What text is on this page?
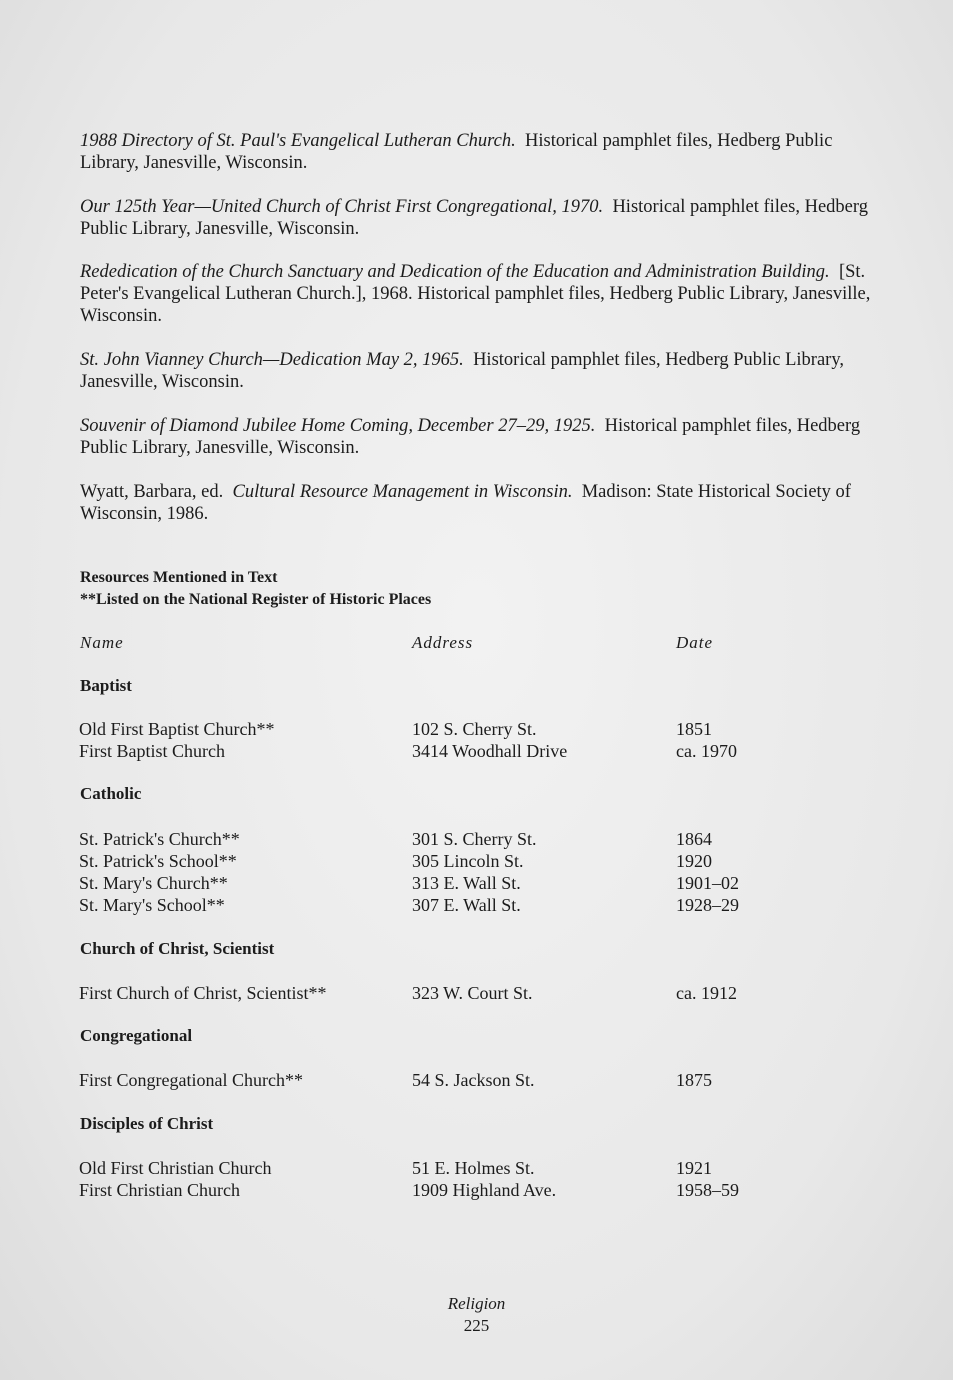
1988 Directory of St. Paul's Evangelical Lutheran Church. Historical pamphlet files, Hedberg Public Library, Janesville, Wisconsin.
Our 125th Year—United Church of Christ First Congregational, 1970. Historical pamphlet files, Hedberg Public Library, Janesville, Wisconsin.
Rededication of the Church Sanctuary and Dedication of the Education and Administration Building. [St. Peter's Evangelical Lutheran Church.], 1968. Historical pamphlet files, Hedberg Public Library, Janesville, Wisconsin.
St. John Vianney Church—Dedication May 2, 1965. Historical pamphlet files, Hedberg Public Library, Janesville, Wisconsin.
Souvenir of Diamond Jubilee Home Coming, December 27–29, 1925. Historical pamphlet files, Hedberg Public Library, Janesville, Wisconsin.
Wyatt, Barbara, ed. Cultural Resource Management in Wisconsin. Madison: State Historical Society of Wisconsin, 1986.
Resources Mentioned in Text
**Listed on the National Register of Historic Places
Name	Address	Date
Baptist
Old First Baptist Church**	102 S. Cherry St.	1851
First Baptist Church	3414 Woodhall Drive	ca. 1970
Catholic
St. Patrick's Church**	301 S. Cherry St.	1864
St. Patrick's School**	305 Lincoln St.	1920
St. Mary's Church**	313 E. Wall St.	1901–02
St. Mary's School**	307 E. Wall St.	1928–29
Church of Christ, Scientist
First Church of Christ, Scientist**	323 W. Court St.	ca. 1912
Congregational
First Congregational Church**	54 S. Jackson St.	1875
Disciples of Christ
Old First Christian Church	51 E. Holmes St.	1921
First Christian Church	1909 Highland Ave.	1958–59
Religion
225
